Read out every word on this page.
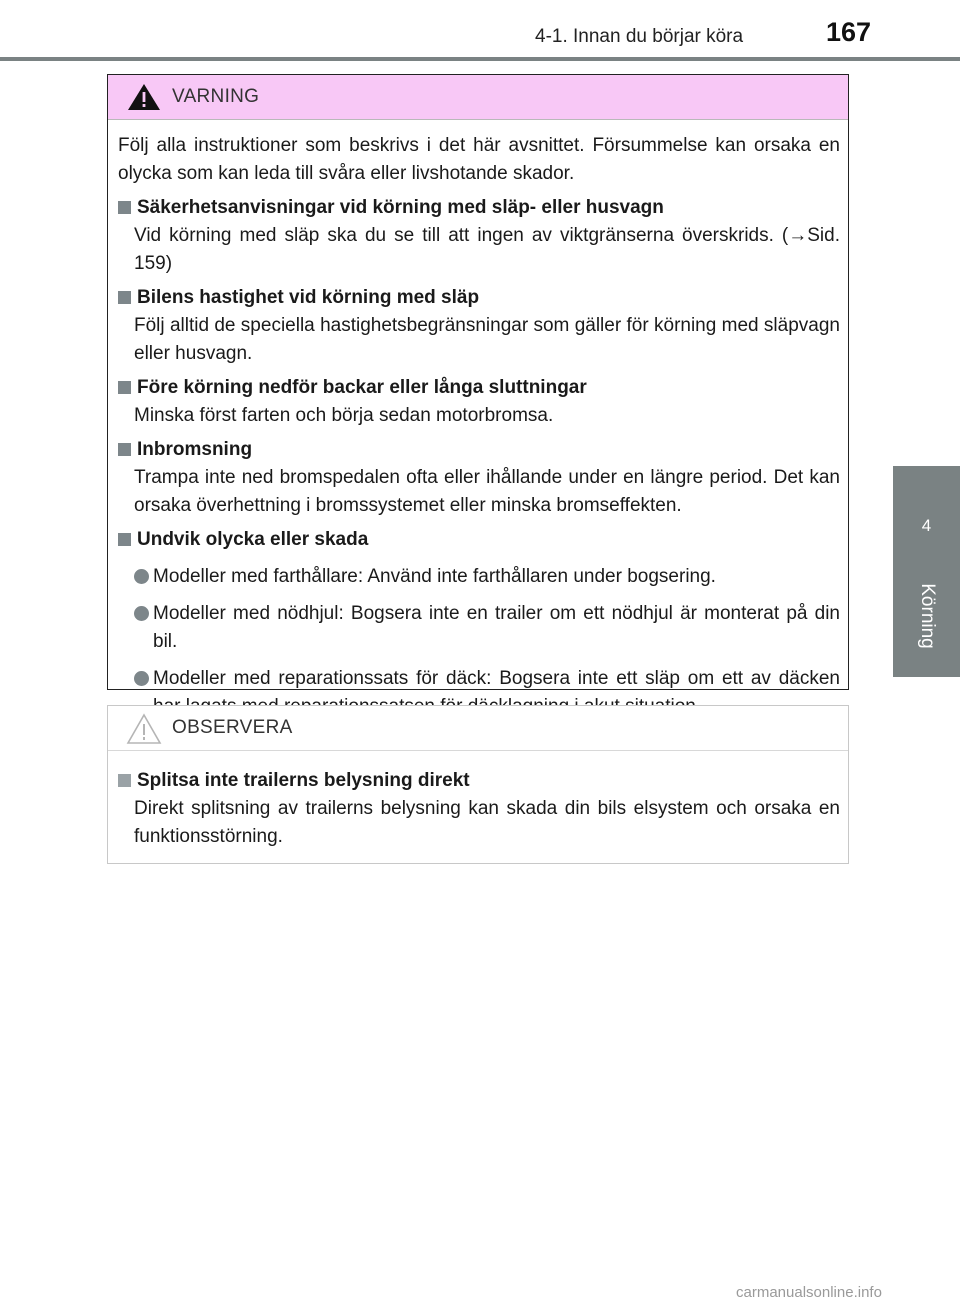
4-1. Innan du börjar köra	167
4
Körning
VARNING

Följ alla instruktioner som beskrivs i det här avsnittet. Försummelse kan orsaka en olycka som kan leda till svåra eller livshotande skador.

Säkerhetsanvisningar vid körning med släp- eller husvagn
Vid körning med släp ska du se till att ingen av viktgränserna överskrids. (→Sid. 159)
Bilens hastighet vid körning med släp
Följ alltid de speciella hastighetsbegränsningar som gäller för körning med släpvagn eller husvagn.
Före körning nedför backar eller långa sluttningar
Minska först farten och börja sedan motorbromsa.
Inbromsning
Trampa inte ned bromspedalen ofta eller ihållande under en längre period. Det kan orsaka överhettning i bromssystemet eller minska bromseffekten.
Undvik olycka eller skada
Modeller med farthållare: Använd inte farthållaren under bogsering.
Modeller med nödhjul: Bogsera inte en trailer om ett nödhjul är monterat på din bil.
Modeller med reparationssats för däck: Bogsera inte ett släp om ett av däcken
OBSERVERA
Splitsa inte trailerns belysning direkt
Direkt splitsning av trailerns belysning kan skada din bils elsystem och orsaka en funktionsstörning.
carmanualsonline.info
